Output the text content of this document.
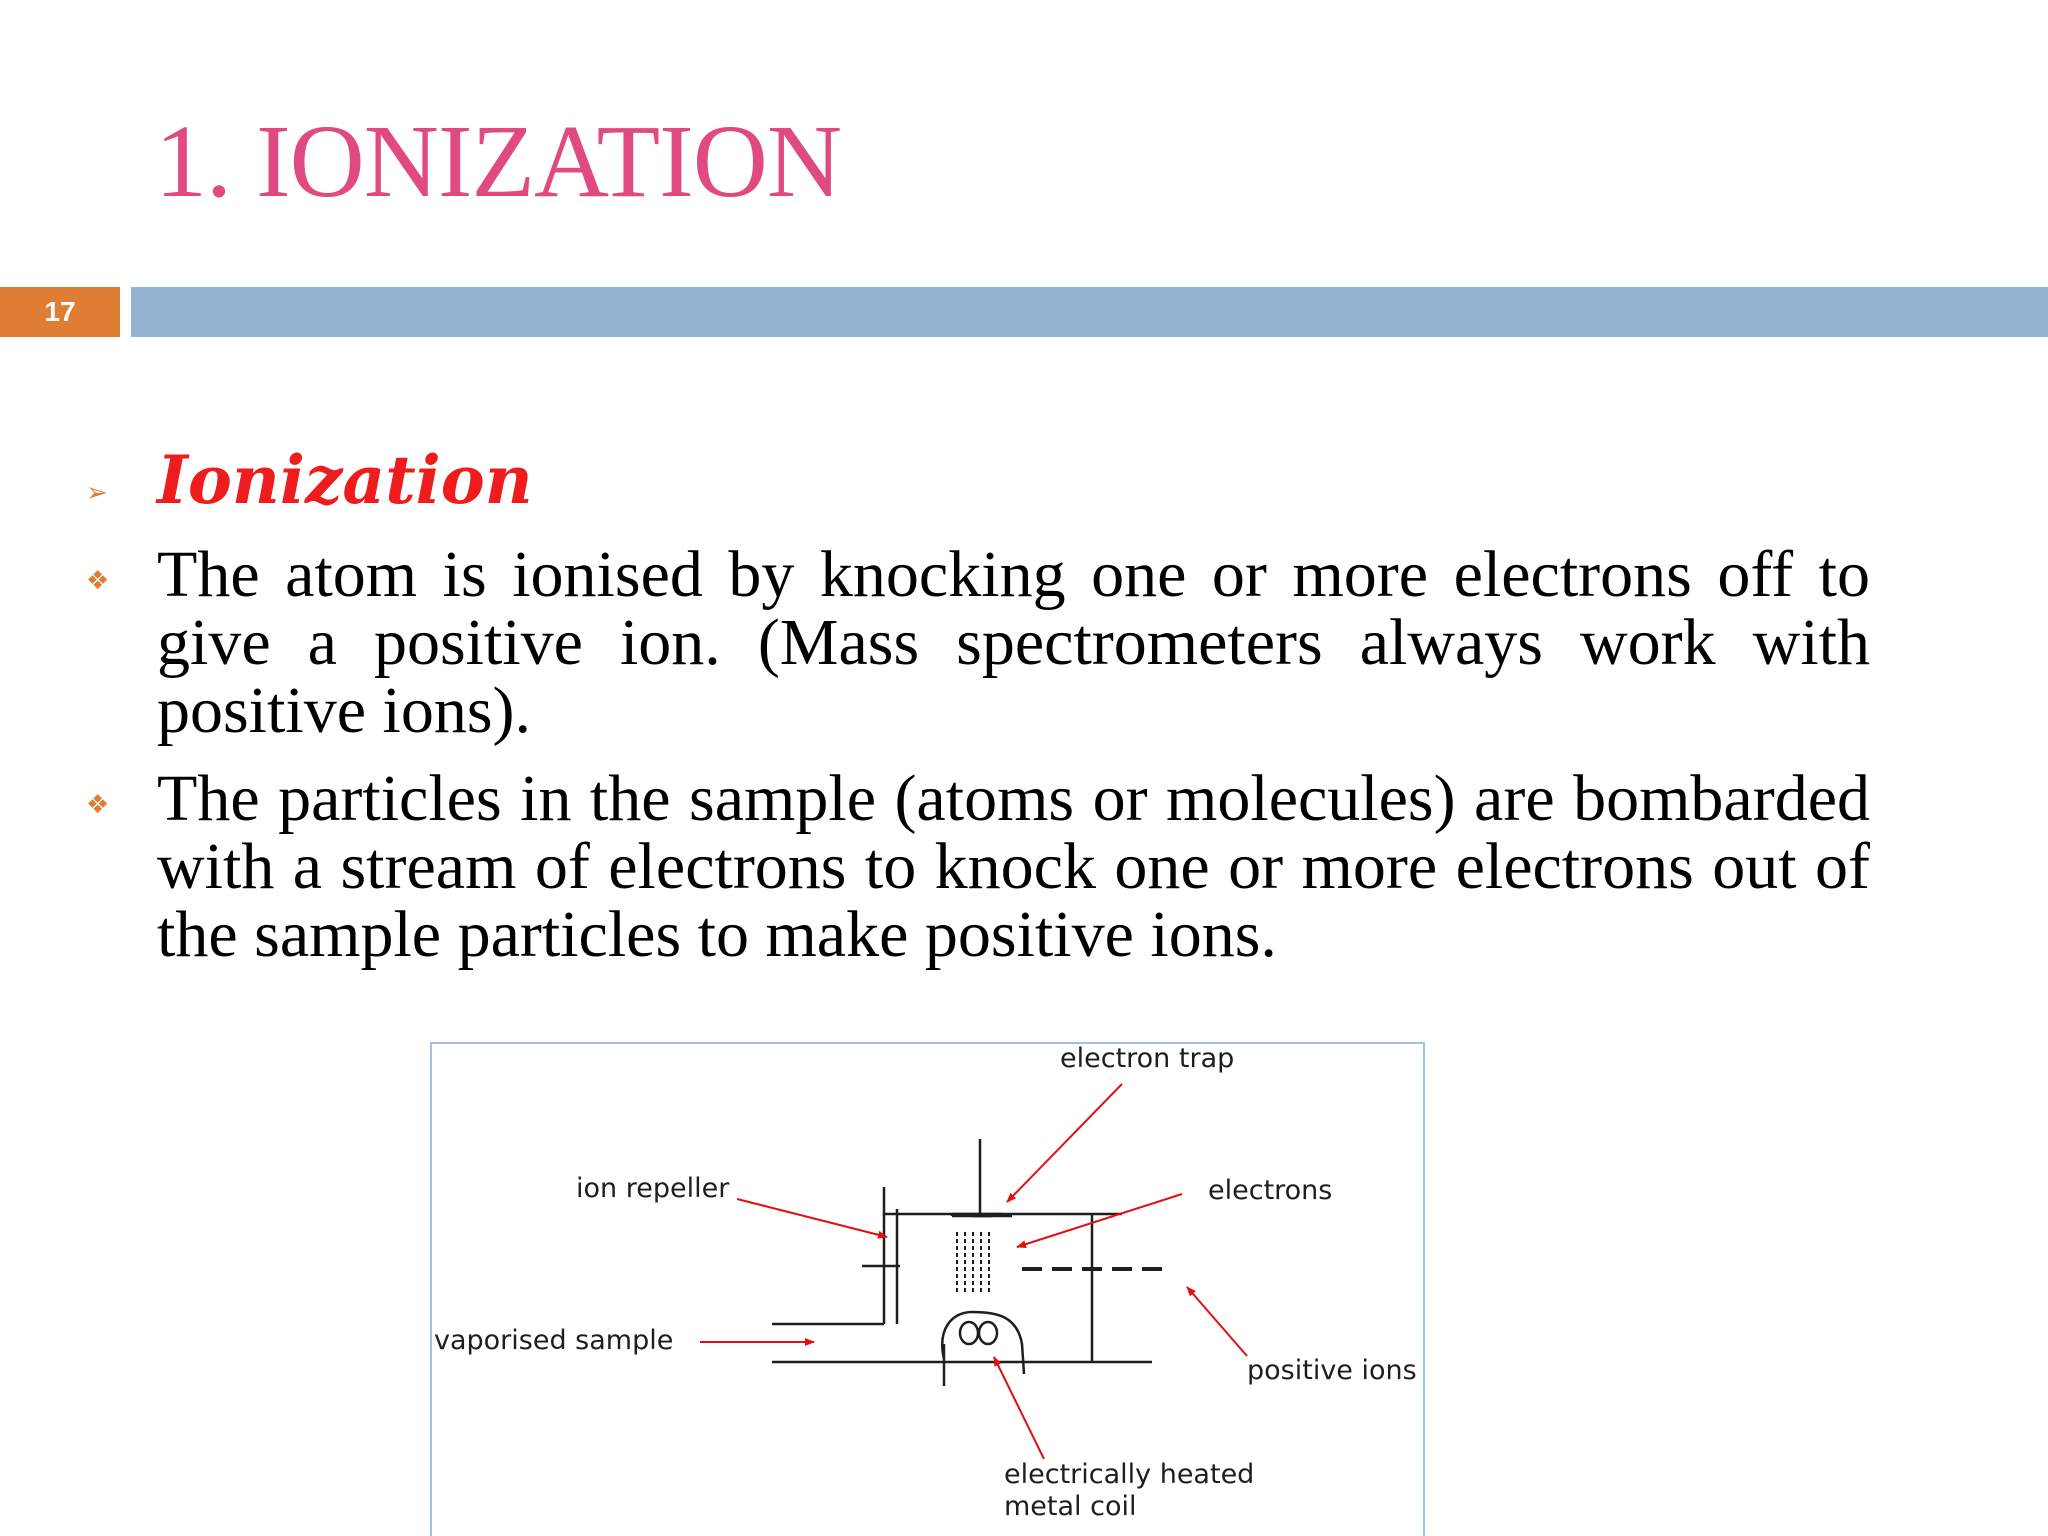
1. IONIZATION
17
➢ Ionization
❖ The atom is ionised by knocking one or more electrons off to give a positive ion. (Mass spectrometers always work with positive ions).

❖ The particles in the sample (atoms or molecules) are bombarded with a stream of electrons to knock one or more electrons out of the sample particles to make positive ions.

electron trap
ion repeller	electrons
vaporised sample
positive ions
electrically heated
metal coil
